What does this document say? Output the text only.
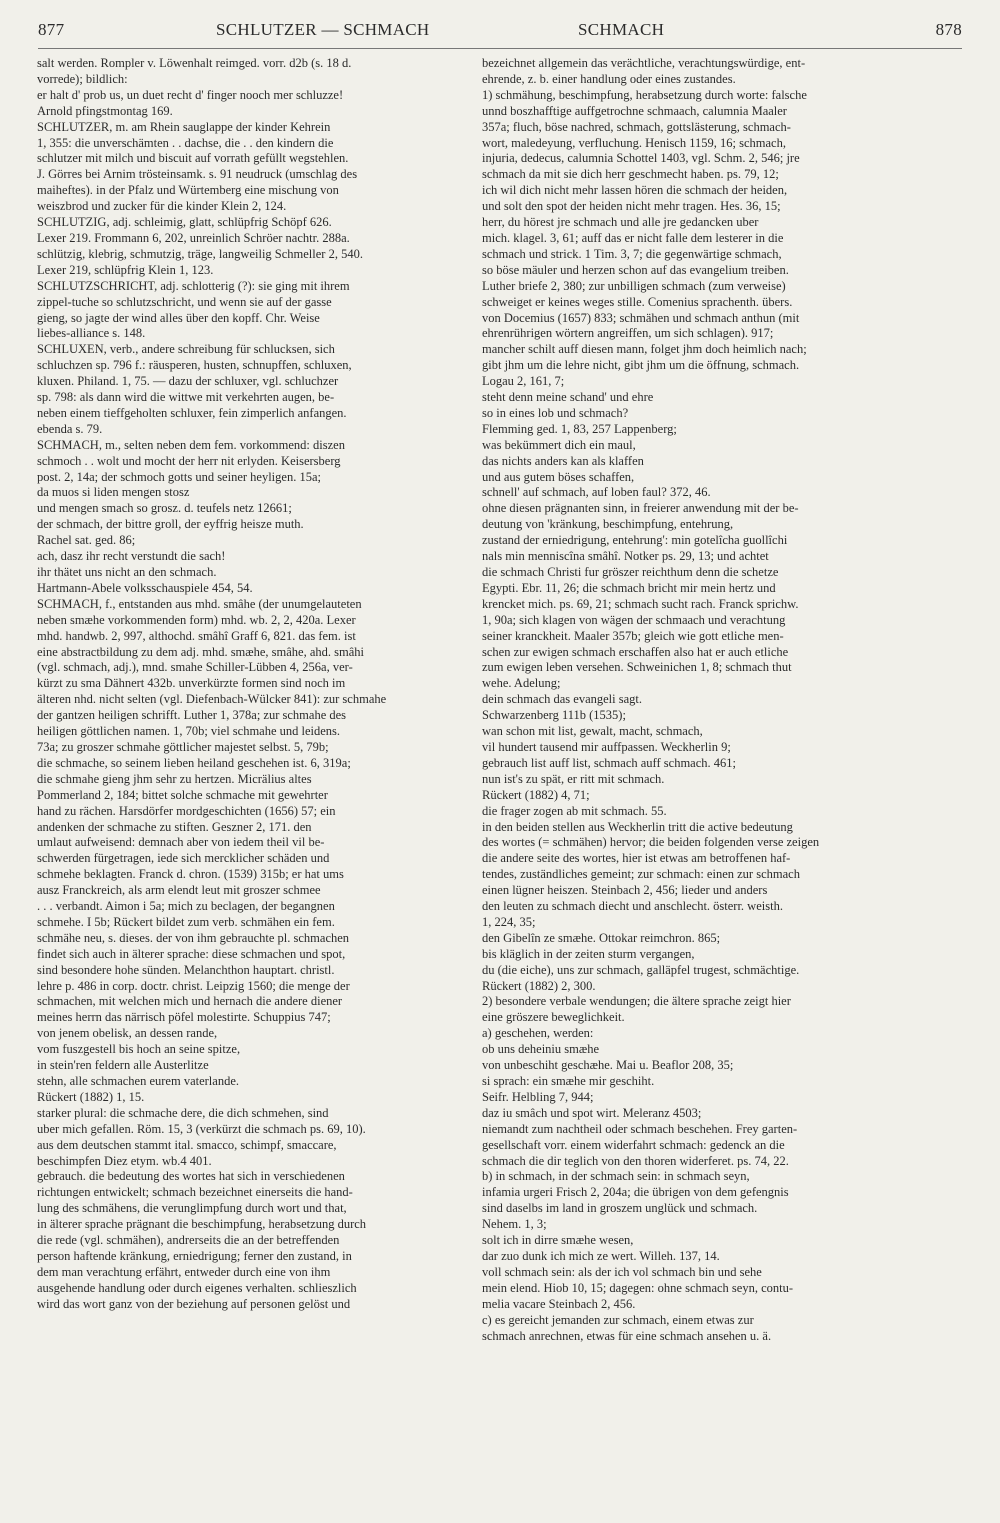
877	SCHLUTZER — SCHMACH	SCHMACH	878

salt werden. Rompler v. Löwenhalt reimged. vorr. d2b (s. 18 d.

vorrede); bildlich:

er halt d' prob us, un duet recht d' finger nooch mer schluzze!

Arnold pfingstmontag 169.

SCHLUTZER, m. am Rhein sauglappe der kinder Kehrein

1, 355: die unverschämten . . dachse, die . . den kindern die

schlutzer mit milch und biscuit auf vorrath gefüllt wegstehlen.

J. Görres bei Arnim trösteinsamk. s. 91 neudruck (umschlag des

maiheftes). in der Pfalz und Würtemberg eine mischung von

weiszbrod und zucker für die kinder Klein 2, 124.

SCHLUTZIG, adj. schleimig, glatt, schlüpfrig Schöpf 626.

Lexer 219. Frommann 6, 202, unreinlich Schröer nachtr. 288a.

schlützig, klebrig, schmutzig, träge, langweilig Schmeller 2, 540.

Lexer 219, schlüpfrig Klein 1, 123.

SCHLUTZSCHRICHT, adj. schlotterig (?): sie ging mit ihrem

zippel-tuche so schlutzschricht, und wenn sie auf der gasse

gieng, so jagte der wind alles über den kopff. Chr. Weise

liebes-alliance s. 148.

SCHLUXEN, verb., andere schreibung für schlucksen, sich

schluchzen sp. 796 f.: räusperen, husten, schnupffen, schluxen,

kluxen. Philand. 1, 75. — dazu der schluxer, vgl. schluchzer

sp. 798: als dann wird die wittwe mit verkehrten augen, be-

neben einem tieffgeholten schluxer, fein zimperlich anfangen.

ebenda s. 79.

SCHMACH, m., selten neben dem fem. vorkommend: diszen

schmoch . . wolt und mocht der herr nit erlyden. Keisersberg

post. 2, 14a; der schmoch gotts und seiner heyligen. 15a;

da muos si liden mengen stosz

und mengen smach so grosz. d. teufels netz 12661;

der schmach, der bittre groll, der eyffrig heisze muth.

Rachel sat. ged. 86;

ach, dasz ihr recht verstundt die sach!

ihr thätet uns nicht an den schmach.

Hartmann-Abele volksschauspiele 454, 54.

SCHMACH, f., entstanden aus mhd. smâhe (der unumgelauteten

neben smæhe vorkommenden form) mhd. wb. 2, 2, 420a. Lexer

mhd. handwb. 2, 997, althochd. smâhî Graff 6, 821. das fem. ist

eine abstractbildung zu dem adj. mhd. smæhe, smâhe, ahd. smâhi

(vgl. schmach, adj.), mnd. smahe Schiller-Lübben 4, 256a, ver-

kürzt zu sma Dähnert 432b. unverkürzte formen sind noch im

älteren nhd. nicht selten (vgl. Diefenbach-Wülcker 841): zur schmahe

der gantzen heiligen schrifft. Luther 1, 378a; zur schmahe des

heiligen göttlichen namen. 1, 70b; viel schmahe und leidens.

73a; zu groszer schmahe göttlicher majestet selbst. 5, 79b;

die schmache, so seinem lieben heiland geschehen ist. 6, 319a;

die schmahe gieng jhm sehr zu hertzen. Micrälius altes

Pommerland 2, 184; bittet solche schmache mit gewehrter

hand zu rächen. Harsdörfer mordgeschichten (1656) 57; ein

andenken der schmache zu stiften. Geszner 2, 171. den

umlaut aufweisend: demnach aber von iedem theil vil be-

schwerden fürgetragen, iede sich mercklicher schäden und

schmehe beklagten. Franck d. chron. (1539) 315b; er hat ums

ausz Franckreich, als arm elendt leut mit groszer schmee

. . . verbandt. Aimon i 5a; mich zu beclagen, der begangnen

schmehe. I 5b; Rückert bildet zum verb. schmähen ein fem.

schmähe neu, s. dieses. der von ihm gebrauchte pl. schmachen

findet sich auch in älterer sprache: diese schmachen und spot,

sind besondere hohe sünden. Melanchthon hauptart. christl.

lehre p. 486 in corp. doctr. christ. Leipzig 1560; die menge der

schmachen, mit welchen mich und hernach die andere diener

meines herrn das närrisch pöfel molestirte. Schuppius 747;

von jenem obelisk, an dessen rande,

vom fuszgestell bis hoch an seine spitze,

in stein'ren feldern alle Austerlitze

stehn, alle schmachen eurem vaterlande.

Rückert (1882) 1, 15.

starker plural: die schmache dere, die dich schmehen, sind

uber mich gefallen. Röm. 15, 3 (verkürzt die schmach ps. 69, 10).

aus dem deutschen stammt ital. smacco, schimpf, smaccare,

beschimpfen Diez etym. wb.4 401.

gebrauch. die bedeutung des wortes hat sich in verschiedenen

richtungen entwickelt; schmach bezeichnet einerseits die hand-

lung des schmähens, die verunglimpfung durch wort und that,

in älterer sprache prägnant die beschimpfung, herabsetzung durch

die rede (vgl. schmähen), andrerseits die an der betreffenden

person haftende kränkung, erniedrigung; ferner den zustand, in

dem man verachtung erfährt, entweder durch eine von ihm

ausgehende handlung oder durch eigenes verhalten. schlieszlich

wird das wort ganz von der beziehung auf personen gelöst und

bezeichnet allgemein das verächtliche, verachtungswürdige, ent-

ehrende, z. b. einer handlung oder eines zustandes.

1) schmähung, beschimpfung, herabsetzung durch worte: falsche

unnd boszhafftige auffgetrochne schmaach, calumnia Maaler

357a; fluch, böse nachred, schmach, gottslästerung, schmach-

wort, maledeyung, verfluchung. Henisch 1159, 16; schmach,

injuria, dedecus, calumnia Schottel 1403, vgl. Schm. 2, 546; jre

schmach da mit sie dich herr geschmecht haben. ps. 79, 12;

ich wil dich nicht mehr lassen hören die schmach der heiden,

und solt den spot der heiden nicht mehr tragen. Hes. 36, 15;

herr, du hörest jre schmach und alle jre gedancken uber

mich. klagel. 3, 61; auff das er nicht falle dem lesterer in die

schmach und strick. 1 Tim. 3, 7; die gegenwärtige schmach,

so böse mäuler und herzen schon auf das evangelium treiben.

Luther briefe 2, 380; zur unbilligen schmach (zum verweise)

schweiget er keines weges stille. Comenius sprachenth. übers.

von Docemius (1657) 833; schmähen und schmach anthun (mit

ehrenrührigen wörtern angreiffen, um sich schlagen). 917;

mancher schilt auff diesen mann, folget jhm doch heimlich nach;

gibt jhm um die lehre nicht, gibt jhm um die öffnung, schmach.

Logau 2, 161, 7;

steht denn meine schand' und ehre

so in eines lob und schmach?

Flemming ged. 1, 83, 257 Lappenberg;

was bekümmert dich ein maul,

das nichts anders kan als klaffen

und aus gutem böses schaffen,

schnell' auf schmach, auf loben faul? 372, 46.

ohne diesen prägnanten sinn, in freierer anwendung mit der be-

deutung von 'kränkung, beschimpfung, entehrung,

zustand der erniedrigung, entehrung': min gotelîcha guollîchi

nals min menniscîna smâhî. Notker ps. 29, 13; und achtet

die schmach Christi fur gröszer reichthum denn die schetze

Egypti. Ebr. 11, 26; die schmach bricht mir mein hertz und

krencket mich. ps. 69, 21; schmach sucht rach. Franck sprichw.

1, 90a; sich klagen von wägen der schmaach und verachtung

seiner kranckheit. Maaler 357b; gleich wie gott etliche men-

schen zur ewigen schmach erschaffen also hat er auch etliche

zum ewigen leben versehen. Schweinichen 1, 8; schmach thut

wehe. Adelung;

dein schmach das evangeli sagt.

Schwarzenberg 111b (1535);

wan schon mit list, gewalt, macht, schmach,

vil hundert tausend mir auffpassen. Weckherlin 9;

gebrauch list auff list, schmach auff schmach. 461;

nun ist's zu spät, er ritt mit schmach.

Rückert (1882) 4, 71;

die frager zogen ab mit schmach. 55.

in den beiden stellen aus Weckherlin tritt die active bedeutung

des wortes (= schmähen) hervor; die beiden folgenden verse zeigen

die andere seite des wortes, hier ist etwas am betroffenen haf-

tendes, zuständliches gemeint; zur schmach: einen zur schmach

einen lügner heiszen. Steinbach 2, 456; lieder und anders

den leuten zu schmach diecht und anschlecht. österr. weisth.

1, 224, 35;

den Gibelîn ze smæhe. Ottokar reimchron. 865;

bis kläglich in der zeiten sturm vergangen,

du (die eiche), uns zur schmach, galläpfel trugest, schmächtige.

Rückert (1882) 2, 300.

2) besondere verbale wendungen; die ältere sprache zeigt hier

eine gröszere beweglichkeit.

a) geschehen, werden:

ob uns deheiniu smæhe

von unbeschiht geschæhe. Mai u. Beaflor 208, 35;

si sprach: ein smæhe mir geschiht.

Seifr. Helbling 7, 944;

daz iu smâch und spot wirt. Meleranz 4503;

niemandt zum nachtheil oder schmach beschehen. Frey garten-

gesellschaft vorr. einem widerfahrt schmach: gedenck an die

schmach die dir teglich von den thoren widerferet. ps. 74, 22.

b) in schmach, in der schmach sein: in schmach seyn,

infamia urgeri Frisch 2, 204a; die übrigen von dem gefengnis

sind daselbs im land in groszem unglück und schmach.

Nehem. 1, 3;

solt ich in dirre smæhe wesen,

dar zuo dunk ich mich ze wert. Willeh. 137, 14.

voll schmach sein: als der ich vol schmach bin und sehe

mein elend. Hiob 10, 15; dagegen: ohne schmach seyn, contu-

melia vacare Steinbach 2, 456.

c) es gereicht jemanden zur schmach, einem etwas zur

schmach anrechnen, etwas für eine schmach ansehen u. ä.
